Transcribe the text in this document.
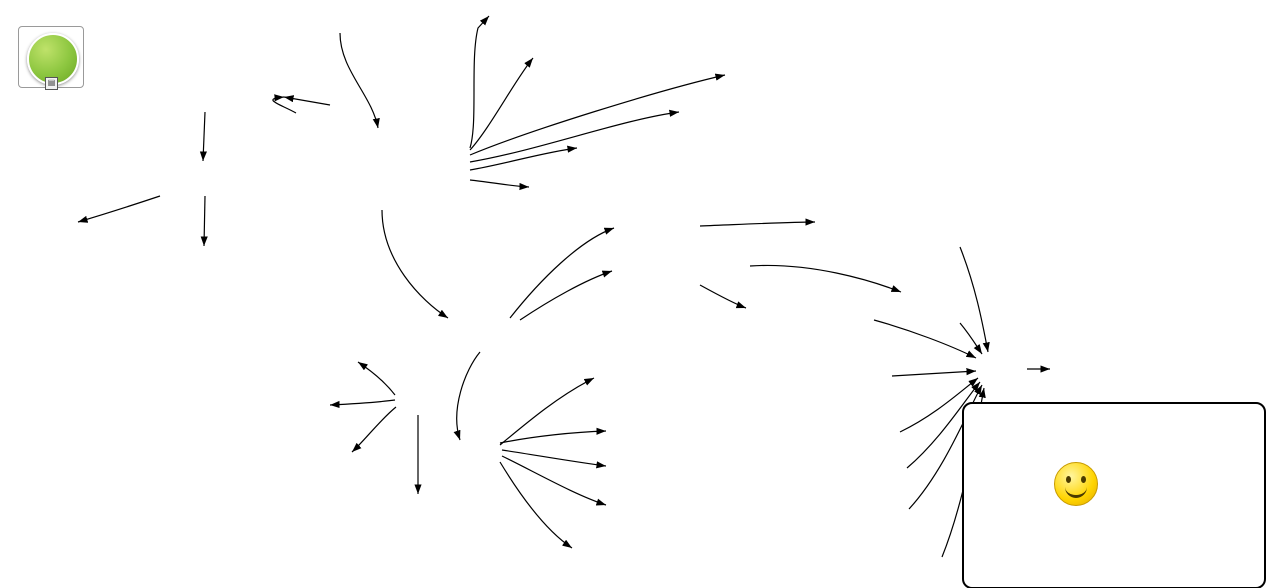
▤
